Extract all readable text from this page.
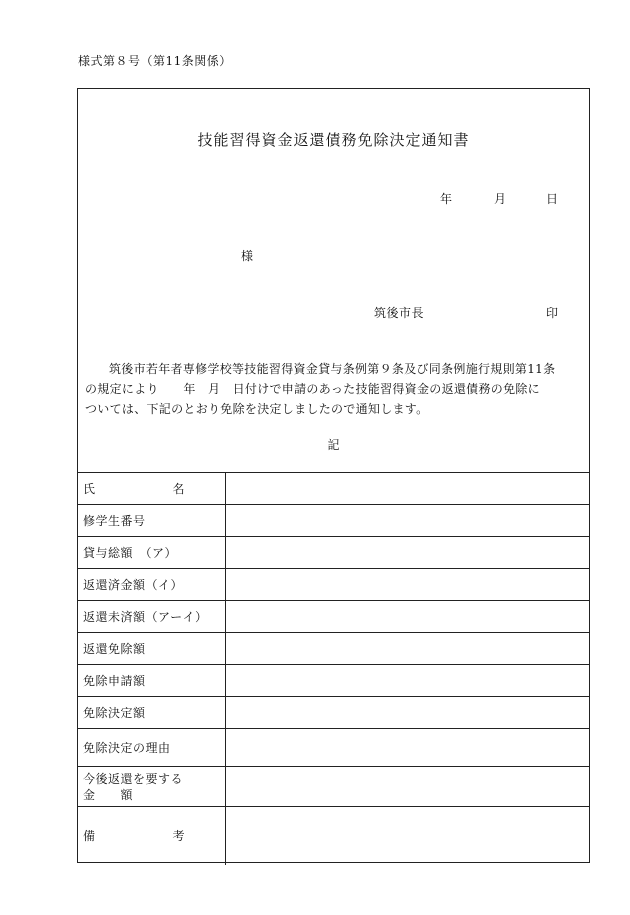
様式第８号（第11条関係）
技能習得資金返還債務免除決定通知書
年	月	日
様
筑後市長	印
筑後市若年者専修学校等技能習得資金貸与条例第９条及び同条例施行規則第11条
の規定により　　年　月　日付けで申請のあった技能習得資金の返還債務の免除に
ついては、下記のとおり免除を決定しましたので通知します。
記
氏 名	

修学生番号	
貸与総額　（ア）	
返還済金額（イ）	
返還未済額（アーイ）	
返還免除額	
免除申請額	
免除決定額	
免除決定の理由	

今後返還を要する
金　　額	

備 考	
